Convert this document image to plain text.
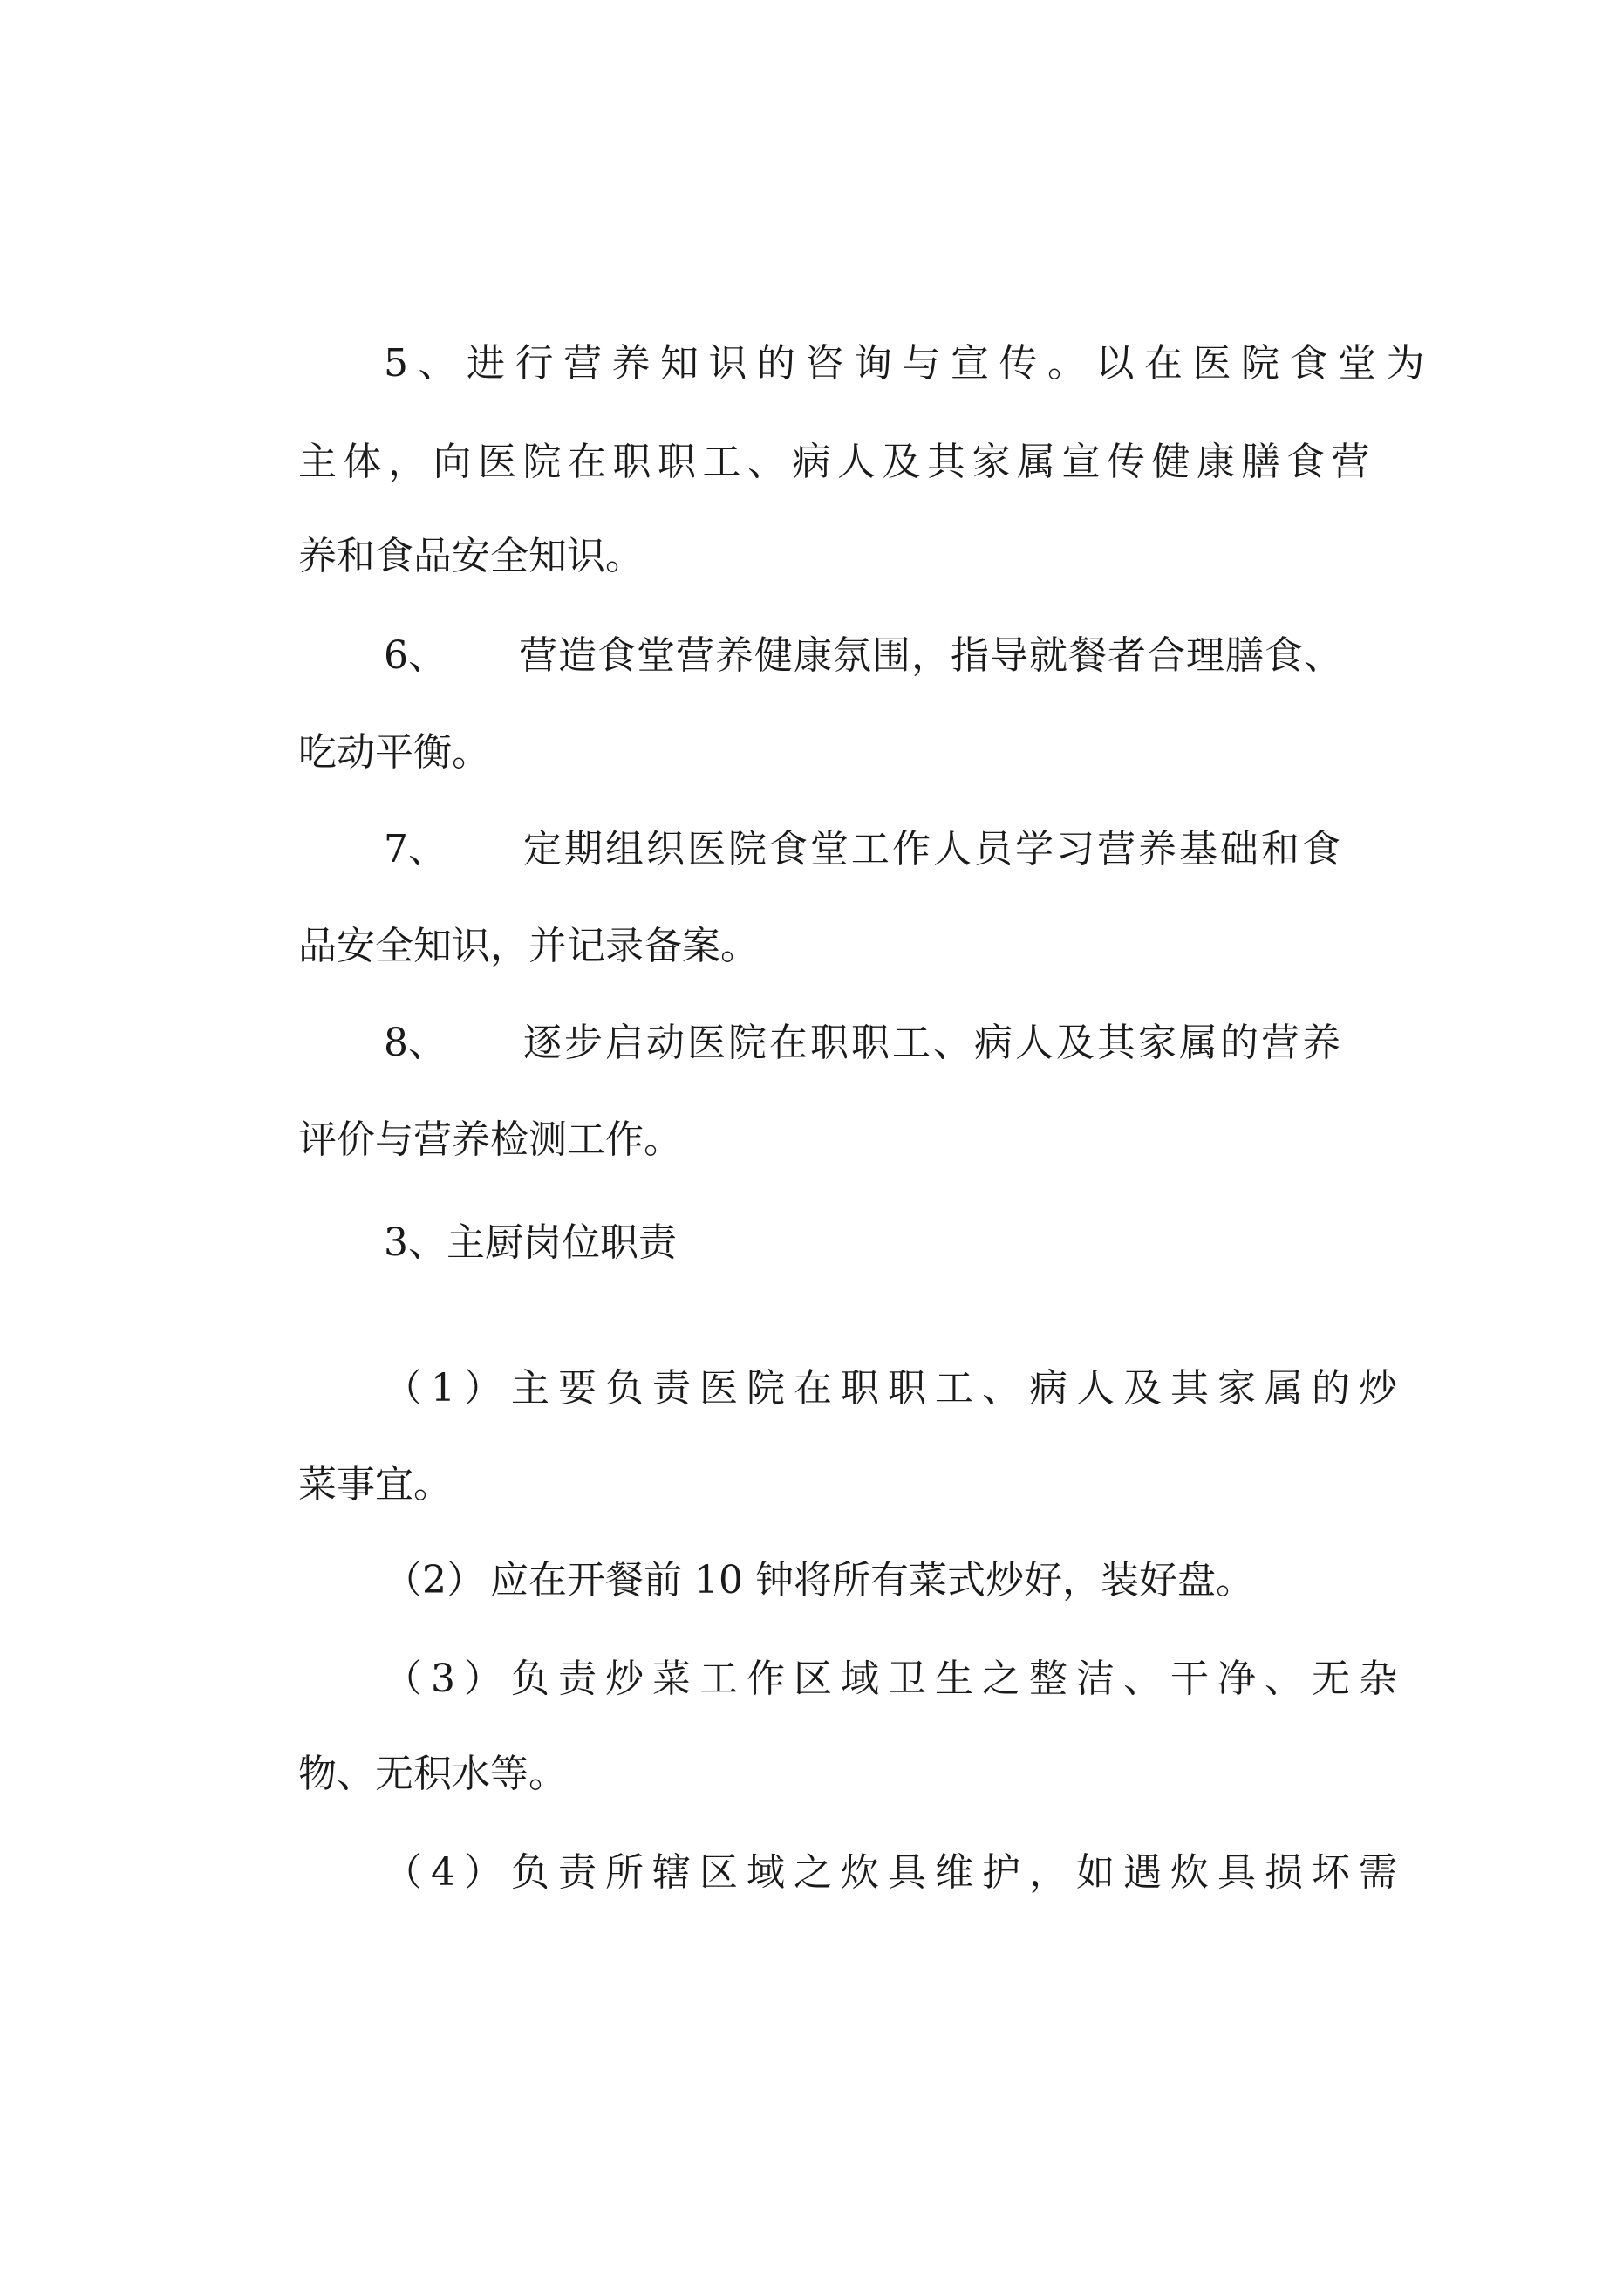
5、进行营养知识的咨询与宣传。以在医院食堂为
主体，向医院在职职工、病人及其家属宣传健康膳食营
养和食品安全知识。
6、	营造食堂营养健康氛围，指导就餐者合理膳食、
吃动平衡。
7、	定期组织医院食堂工作人员学习营养基础和食
品安全知识，并记录备案。
8、	逐步启动医院在职职工、病人及其家属的营养
评价与营养检测工作。
3、主厨岗位职责
（1）主要负责医院在职职工、病人及其家属的炒
菜事宜。
（2） 应在开餐前 10 钟将所有菜式炒好，装好盘。
（3）负责炒菜工作区域卫生之整洁、干净、无杂
物、无积水等。
（4）负责所辖区域之炊具维护，如遇炊具损坏需
